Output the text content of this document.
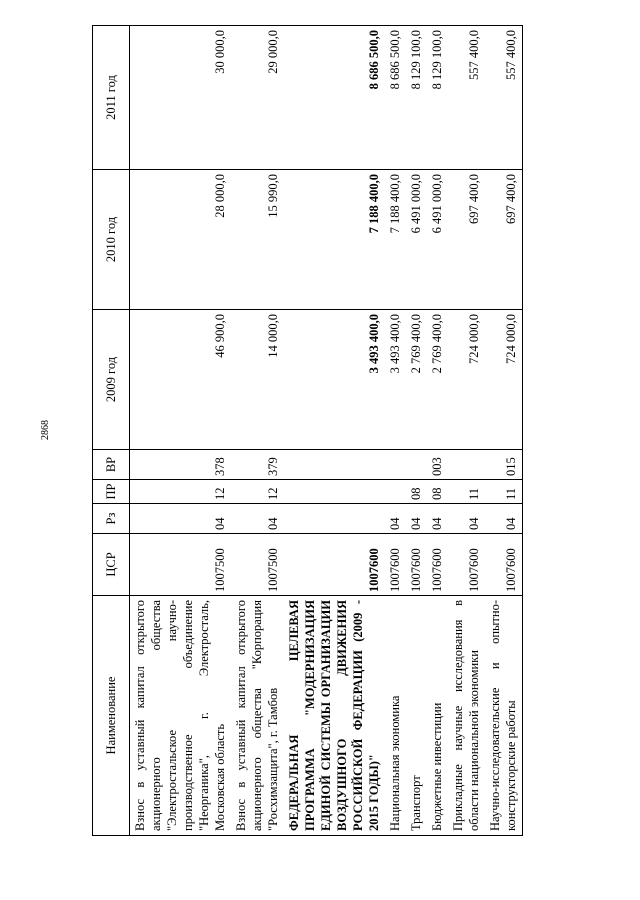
2868
Наименование	ЦСР	Рз	ПР	ВР	2009 год	2010 год	2011 год
Взнос в уставный капитал открытого акционерного общества "Электростальское научно-производственное объединение "Неорганика", г. Электросталь, Московская область	1007500	04	12	378	46 900,0	28 000,0	30 000,0
Взнос в уставный капитал открытого акционерного общества "Корпорация "Росхимзащита", г. Тамбов	1007500	04	12	379	14 000,0	15 990,0	29 000,0
ФЕДЕРАЛЬНАЯ ЦЕЛЕВАЯ ПРОГРАММА "МОДЕРНИЗАЦИЯ ЕДИНОЙ СИСТЕМЫ ОРГАНИЗАЦИИ ВОЗДУШНОГО ДВИЖЕНИЯ РОССИЙСКОЙ ФЕДЕРАЦИИ (2009 - 2015 ГОДЫ)"	1007600				3 493 400,0	7 188 400,0	8 686 500,0
Национальная экономика	1007600	04			3 493 400,0	7 188 400,0	8 686 500,0
Транспорт	1007600	04	08		2 769 400,0	6 491 000,0	8 129 100,0
Бюджетные инвестиции	1007600	04	08	003	2 769 400,0	6 491 000,0	8 129 100,0
Прикладные научные исследования в области национальной экономики	1007600	04	11		724 000,0	697 400,0	557 400,0
Научно-исследовательские и опытно-конструкторские работы	1007600	04	11	015	724 000,0	697 400,0	557 400,0
